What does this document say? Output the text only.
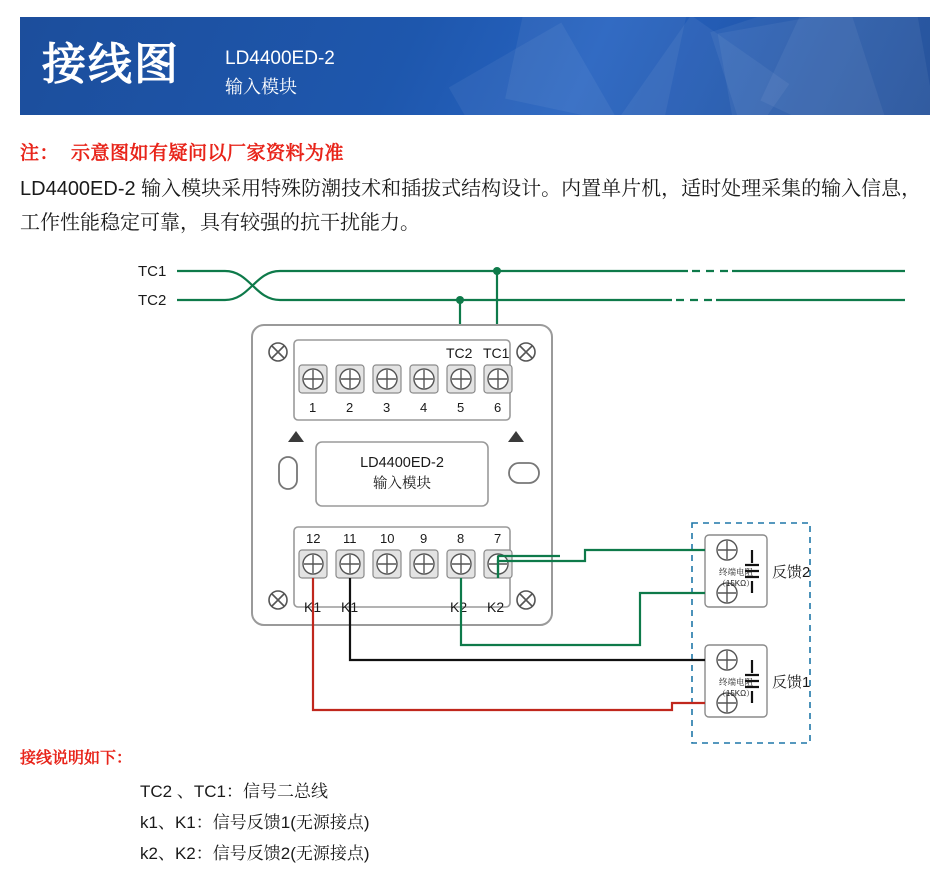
接线图 LD4400ED-2
输入模块
注： 示意图如有疑问以厂家资料为准
LD4400ED-2 输入模块采用特殊防潮技术和插拔式结构设计。内置单片机，适时处理采集的输入信息，工作性能稳定可靠，具有较强的抗干扰能力。
TC1
TC2
TC2 TC1
1 2 3 4 5 6
LD4400ED-2
输入模块
12 11 10 9 8 7
K1 K1	K2 K2
终端电阻
（15KΩ）
反馈2
终端电阻
（15KΩ）
反馈1
接线说明如下：
TC2 、TC1：信号二总线
k1、K1：信号反馈1(无源接点)
k2、K2：信号反馈2(无源接点)
